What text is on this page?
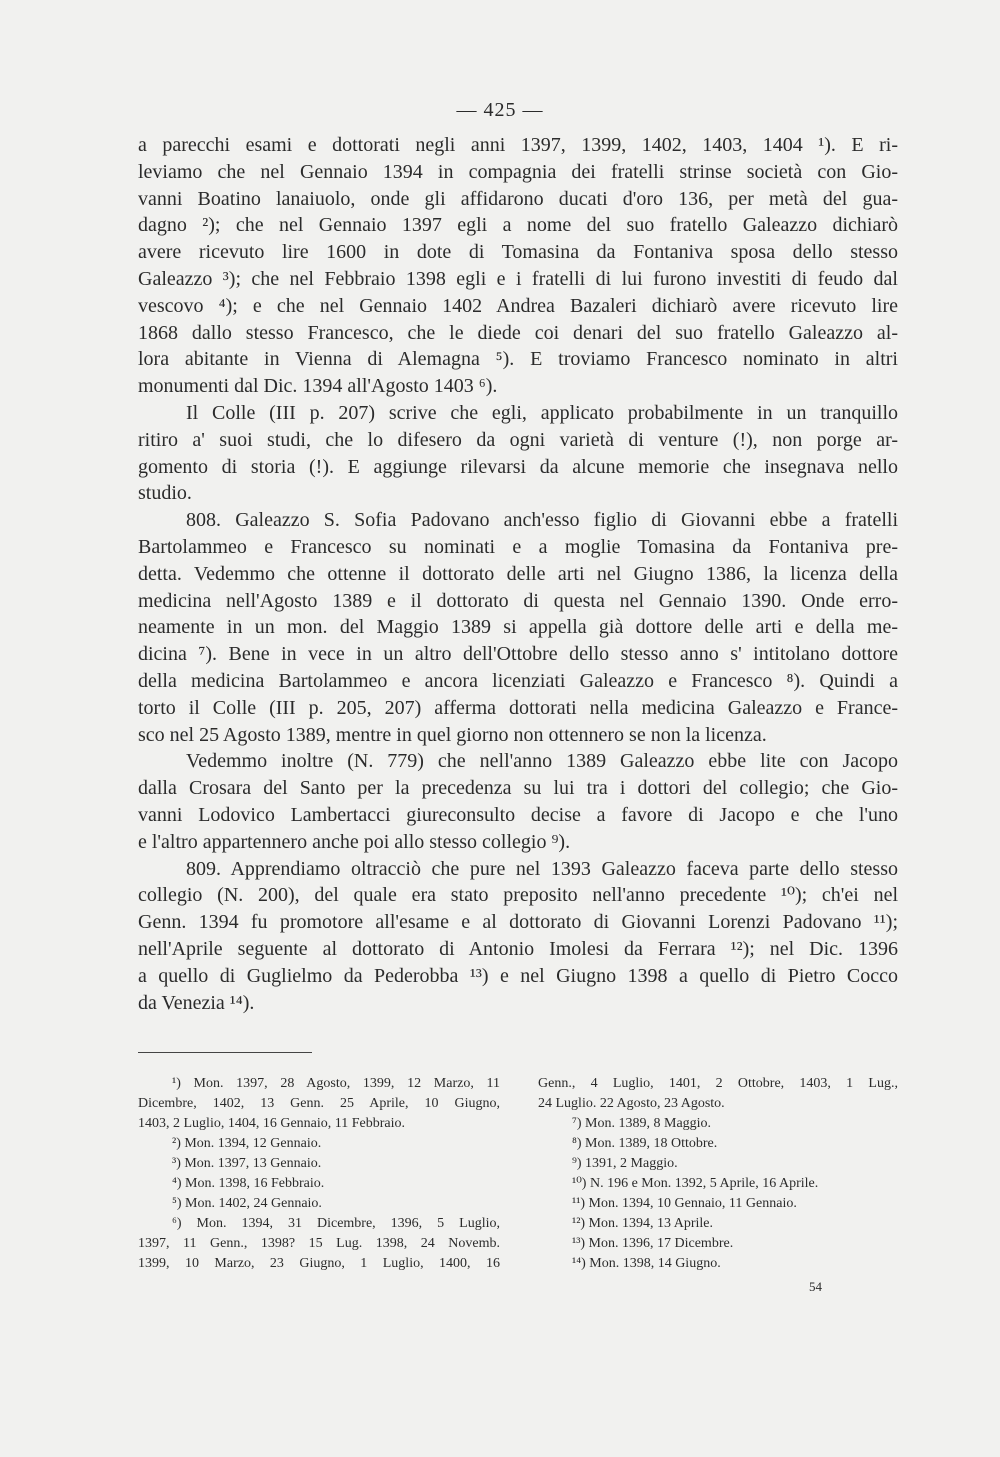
— 425 —
a parecchi esami e dottorati negli anni 1397, 1399, 1402, 1403, 1404 ¹). E ri-
leviamo che nel Gennaio 1394 in compagnia dei fratelli strinse società con Gio-
vanni Boatino lanaiuolo, onde gli affidarono ducati d'oro 136, per metà del gua-
dagno ²); che nel Gennaio 1397 egli a nome del suo fratello Galeazzo dichiarò
avere ricevuto lire 1600 in dote di Tomasina da Fontaniva sposa dello stesso
Galeazzo ³); che nel Febbraio 1398 egli e i fratelli di lui furono investiti di feudo dal
vescovo ⁴); e che nel Gennaio 1402 Andrea Bazaleri dichiarò avere ricevuto lire
1868 dallo stesso Francesco, che le diede coi denari del suo fratello Galeazzo al-
lora abitante in Vienna di Alemagna ⁵). E troviamo Francesco nominato in altri
monumenti dal Dic. 1394 all'Agosto 1403 ⁶).
Il Colle (III p. 207) scrive che egli, applicato probabilmente in un tranquillo
ritiro a' suoi studi, che lo difesero da ogni varietà di venture (!), non porge ar-
gomento di storia (!). E aggiunge rilevarsi da alcune memorie che insegnava nello
studio.
808. Galeazzo S. Sofia Padovano anch'esso figlio di Giovanni ebbe a fratelli
Bartolammeo e Francesco su nominati e a moglie Tomasina da Fontaniva pre-
detta. Vedemmo che ottenne il dottorato delle arti nel Giugno 1386, la licenza della
medicina nell'Agosto 1389 e il dottorato di questa nel Gennaio 1390. Onde erro-
neamente in un mon. del Maggio 1389 si appella già dottore delle arti e della me-
dicina ⁷). Bene in vece in un altro dell'Ottobre dello stesso anno s' intitolano dottore
della medicina Bartolammeo e ancora licenziati Galeazzo e Francesco ⁸). Quindi a
torto il Colle (III p. 205, 207) afferma dottorati nella medicina Galeazzo e France-
sco nel 25 Agosto 1389, mentre in quel giorno non ottennero se non la licenza.
Vedemmo inoltre (N. 779) che nell'anno 1389 Galeazzo ebbe lite con Jacopo
dalla Crosara del Santo per la precedenza su lui tra i dottori del collegio; che Gio-
vanni Lodovico Lambertacci giureconsulto decise a favore di Jacopo e che l'uno
e l'altro appartennero anche poi allo stesso collegio ⁹).
809. Apprendiamo oltracciò che pure nel 1393 Galeazzo faceva parte dello stesso
collegio (N. 200), del quale era stato preposito nell'anno precedente ¹⁰); ch'ei nel
Genn. 1394 fu promotore all'esame e al dottorato di Giovanni Lorenzi Padovano ¹¹);
nell'Aprile seguente al dottorato di Antonio Imolesi da Ferrara ¹²); nel Dic. 1396
a quello di Guglielmo da Pederobba ¹³) e nel Giugno 1398 a quello di Pietro Cocco
da Venezia ¹⁴).
¹) Mon. 1397, 28 Agosto, 1399, 12 Marzo, 11
Dicembre, 1402, 13 Genn. 25 Aprile, 10 Giugno,
1403, 2 Luglio, 1404, 16 Gennaio, 11 Febbraio.
²) Mon. 1394, 12 Gennaio.
³) Mon. 1397, 13 Gennaio.
⁴) Mon. 1398, 16 Febbraio.
⁵) Mon. 1402, 24 Gennaio.
⁶) Mon. 1394, 31 Dicembre, 1396, 5 Luglio,
1397, 11 Genn., 1398? 15 Lug. 1398, 24 Novemb.
1399, 10 Marzo, 23 Giugno, 1 Luglio, 1400, 16
Genn., 4 Luglio, 1401, 2 Ottobre, 1403, 1 Lug.,
24 Luglio. 22 Agosto, 23 Agosto.
⁷) Mon. 1389, 8 Maggio.
⁸) Mon. 1389, 18 Ottobre.
⁹) 1391, 2 Maggio.
¹⁰) N. 196 e Mon. 1392, 5 Aprile, 16 Aprile.
¹¹) Mon. 1394, 10 Gennaio, 11 Gennaio.
¹²) Mon. 1394, 13 Aprile.
¹³) Mon. 1396, 17 Dicembre.
¹⁴) Mon. 1398, 14 Giugno.
54
